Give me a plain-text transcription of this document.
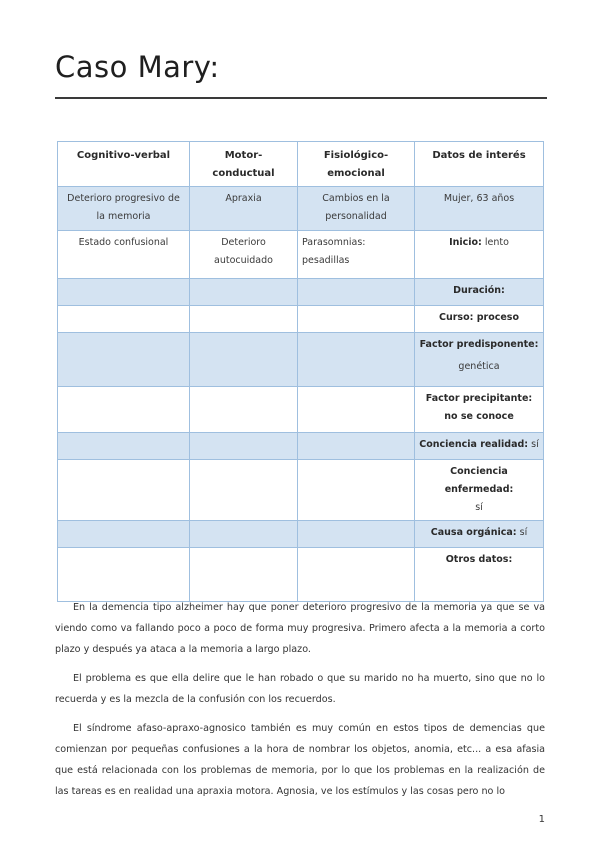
Caso Mary:
Cognitivo-verbal	Motor-conductual	Fisiológico-emocional	Datos de interés
Deterioro progresivo de la memoria	Apraxia	Cambios en la personalidad	Mujer, 63 años
Estado confusional	Deterioro autocuidado	Parasomnias: pesadillas	Inicio: lento
			Duración:
			Curso: proceso
			Factor predisponente:
genética

			Factor precipitante: no se conoce
			Conciencia realidad: sí
			Conciencia enfermedad:
sí
			Causa orgánica: sí
			Otros datos:

En la demencia tipo alzheimer hay que poner deterioro progresivo de la memoria ya que se va viendo como va fallando poco a poco de forma muy progresiva. Primero afecta a la memoria a corto plazo y después ya ataca a la memoria a largo plazo.

El problema es que ella delire que le han robado o que su marido no ha muerto, sino que no lo recuerda y es la mezcla de la confusión con los recuerdos.

El síndrome afaso-apraxo-agnosico también es muy común en estos tipos de demencias que comienzan por pequeñas confusiones a la hora de nombrar los objetos, anomia, etc... a esa afasia que está relacionada con los problemas de memoria, por lo que los problemas en la realización de las tareas es en realidad una apraxia motora. Agnosia, ve los estímulos y las cosas pero no lo

1
